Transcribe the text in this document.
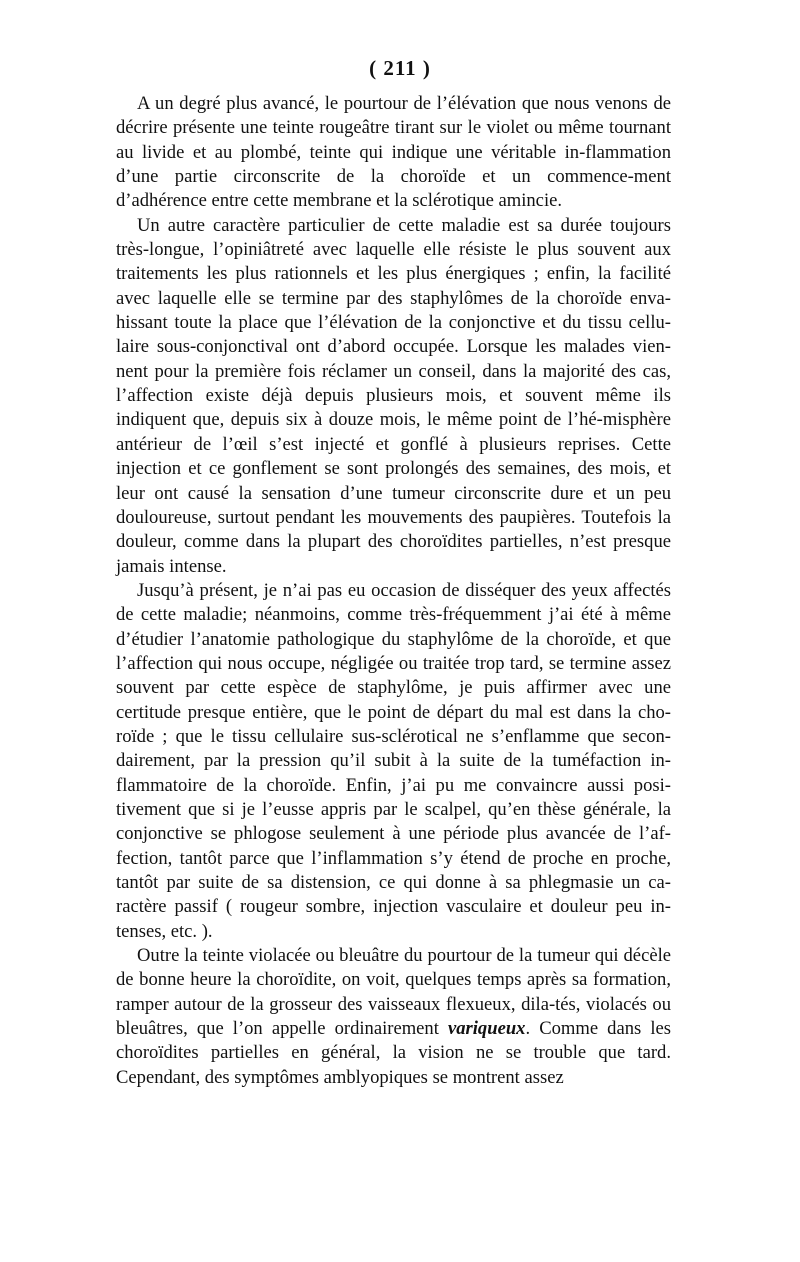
( 211 )

A un degré plus avancé, le pourtour de l’élévation que nous venons de décrire présente une teinte rougeâtre tirant sur le violet ou même tournant au livide et au plombé, teinte qui indique une véritable in-flammation d’une partie circonscrite de la choroïde et un commence-ment d’adhérence entre cette membrane et la sclérotique amincie.

Un autre caractère particulier de cette maladie est sa durée toujours très-longue, l’opiniâtreté avec laquelle elle résiste le plus souvent aux traitements les plus rationnels et les plus énergiques ; enfin, la facilité avec laquelle elle se termine par des staphylômes de la choroïde enva-hissant toute la place que l’élévation de la conjonctive et du tissu cellu-laire sous-conjonctival ont d’abord occupée. Lorsque les malades vien-nent pour la première fois réclamer un conseil, dans la majorité des cas, l’affection existe déjà depuis plusieurs mois, et souvent même ils indiquent que, depuis six à douze mois, le même point de l’hé-misphère antérieur de l’œil s’est injecté et gonflé à plusieurs reprises. Cette injection et ce gonflement se sont prolongés des semaines, des mois, et leur ont causé la sensation d’une tumeur circonscrite dure et un peu douloureuse, surtout pendant les mouvements des paupières. Toutefois la douleur, comme dans la plupart des choroïdites partielles, n’est presque jamais intense.

Jusqu’à présent, je n’ai pas eu occasion de disséquer des yeux affectés de cette maladie; néanmoins, comme très-fréquemment j’ai été à même d’étudier l’anatomie pathologique du staphylôme de la choroïde, et que l’affection qui nous occupe, négligée ou traitée trop tard, se termine assez souvent par cette espèce de staphylôme, je puis affirmer avec une certitude presque entière, que le point de départ du mal est dans la cho-roïde ; que le tissu cellulaire sus-sclérotical ne s’enflamme que secon-dairement, par la pression qu’il subit à la suite de la tuméfaction in-flammatoire de la choroïde. Enfin, j’ai pu me convaincre aussi posi-tivement que si je l’eusse appris par le scalpel, qu’en thèse générale, la conjonctive se phlogose seulement à une période plus avancée de l’af-fection, tantôt parce que l’inflammation s’y étend de proche en proche, tantôt par suite de sa distension, ce qui donne à sa phlegmasie un ca-ractère passif ( rougeur sombre, injection vasculaire et douleur peu in-tenses, etc. ).

Outre la teinte violacée ou bleuâtre du pourtour de la tumeur qui décèle de bonne heure la choroïdite, on voit, quelques temps après sa formation, ramper autour de la grosseur des vaisseaux flexueux, dila-tés, violacés ou bleuâtres, que l’on appelle ordinairement variqueux. Comme dans les choroïdites partielles en général, la vision ne se trouble que tard. Cependant, des symptômes amblyopiques se montrent assez
